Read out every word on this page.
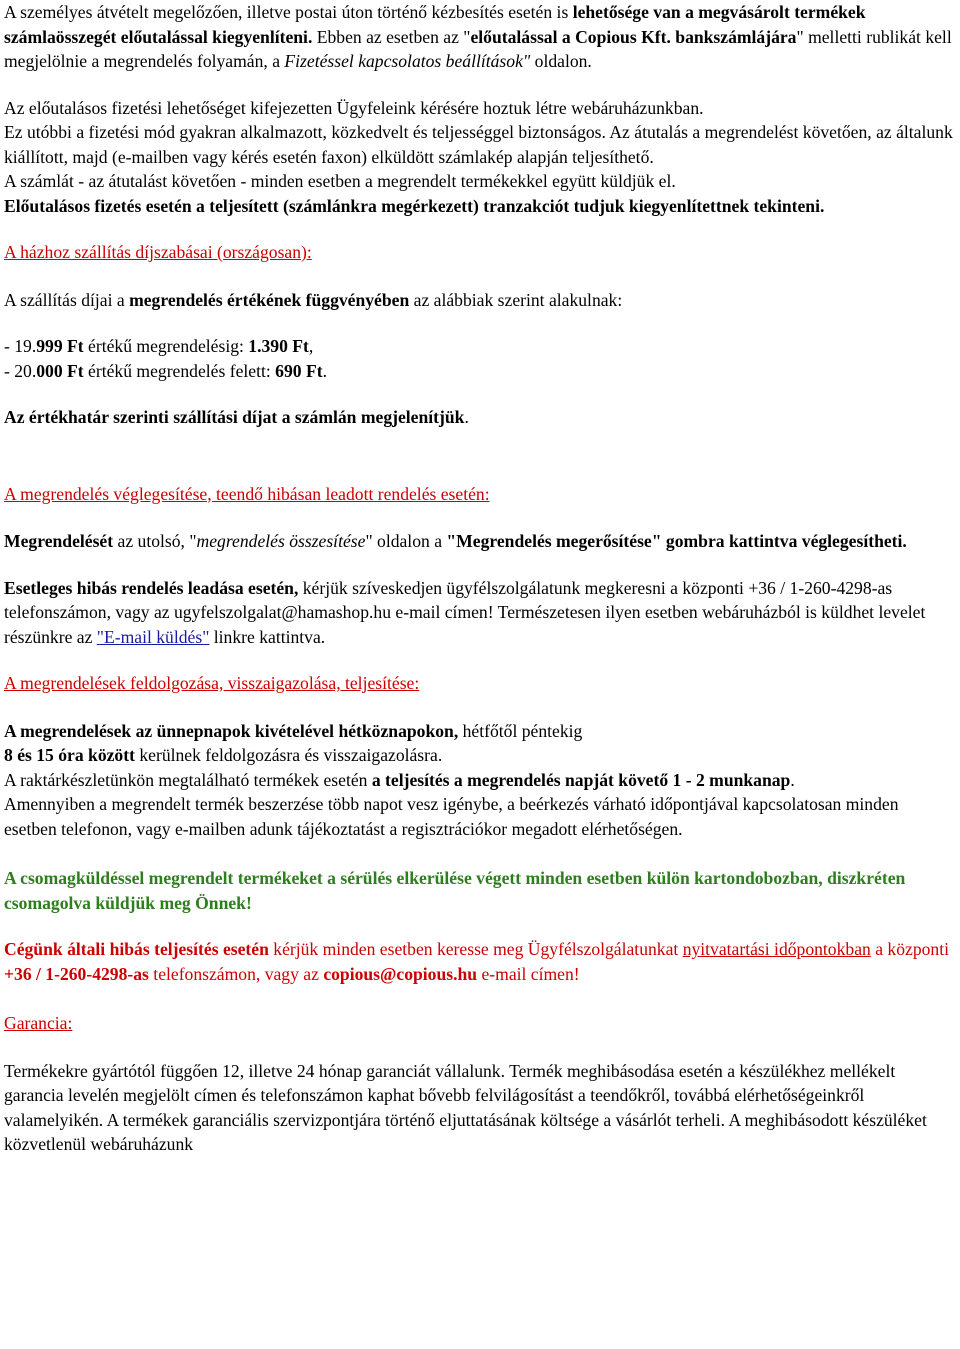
A személyes átvételt megelőzően, illetve postai úton történő kézbesítés esetén is lehetősége van a megvásárolt termékek számlaösszegét előutalással kiegyenlíteni. Ebben az esetben az "előutalással a Copious Kft. bankszámlájára" melletti rublikát kell megjelölnie a megrendelés folyamán, a Fizetéssel kapcsolatos beállítások" oldalon.

Az előutalásos fizetési lehetőséget kifejezetten Ügyfeleink kérésére hoztuk létre webáruházunkban.
Ez utóbbi a fizetési mód gyakran alkalmazott, közkedvelt és teljességgel biztonságos. Az átutalás a megrendelést követően, az általunk kiállított, majd (e-mailben vagy kérés esetén faxon) elküldött számlakép alapján teljesíthető.
A számlát - az átutalást követően - minden esetben a megrendelt termékekkel együtt küldjük el.
Előutalásos fizetés esetén a teljesített (számlánkra megérkezett) tranzakciót tudjuk kiegyenlítettnek tekinteni.

A házhoz szállítás díjszabásai (országosan):

A szállítás díjai a megrendelés értékének függvényében az alábbiak szerint alakulnak:

- 19.999 Ft értékű megrendelésig: 1.390 Ft,
- 20.000 Ft értékű megrendelés felett: 690 Ft.

Az értékhatár szerinti szállítási díjat a számlán megjelenítjük.

A megrendelés véglegesítése, teendő hibásan leadott rendelés esetén:

Megrendelését az utolsó, "megrendelés összesítése" oldalon a "Megrendelés megerősítése" gombra kattintva véglegesítheti.

Esetleges hibás rendelés leadása esetén, kérjük szíveskedjen ügyfélszolgálatunk megkeresni a központi +36 / 1-260-4298-as telefonszámon, vagy az ugyfelszolgalat@hamashop.hu e-mail címen! Természetesen ilyen esetben webáruházból is küldhet levelet részünkre az "E-mail küldés" linkre kattintva.

A megrendelések feldolgozása, visszaigazolása, teljesítése:

A megrendelések az ünnepnapok kivételével hétköznapokon, hétfőtől péntekig
8 és 15 óra között kerülnek feldolgozásra és visszaigazolásra.
A raktárkészletünkön megtalálható termékek esetén a teljesítés a megrendelés napját követő 1 - 2 munkanap.
Amennyiben a megrendelt termék beszerzése több napot vesz igénybe, a beérkezés várható időpontjával kapcsolatosan minden esetben telefonon, vagy e-mailben adunk tájékoztatást a regisztrációkor megadott elérhetőségen.

A csomagküldéssel megrendelt termékeket a sérülés elkerülése végett minden esetben külön kartondobozban, diszkréten csomagolva küldjük meg Önnek!

Cégünk általi hibás teljesítés esetén kérjük minden esetben keresse meg Ügyfélszolgálatunkat nyitvatartási időpontokban a központi +36 / 1-260-4298-as telefonszámon, vagy az copious@copious.hu e-mail címen!

Garancia:

Termékekre gyártótól függően 12, illetve 24 hónap garanciát vállalunk. Termék meghibásodása esetén a készülékhez mellékelt garancia levelén megjelölt címen és telefonszámon kaphat bővebb felvilágosítást a teendőkről, továbbá elérhetőségeinkről valamelyikén. A termékek garanciális szervizpontjára történő eljuttatásának költsége a vásárlót terheli. A meghibásodott készüléket közvetlenül webáruházunk
